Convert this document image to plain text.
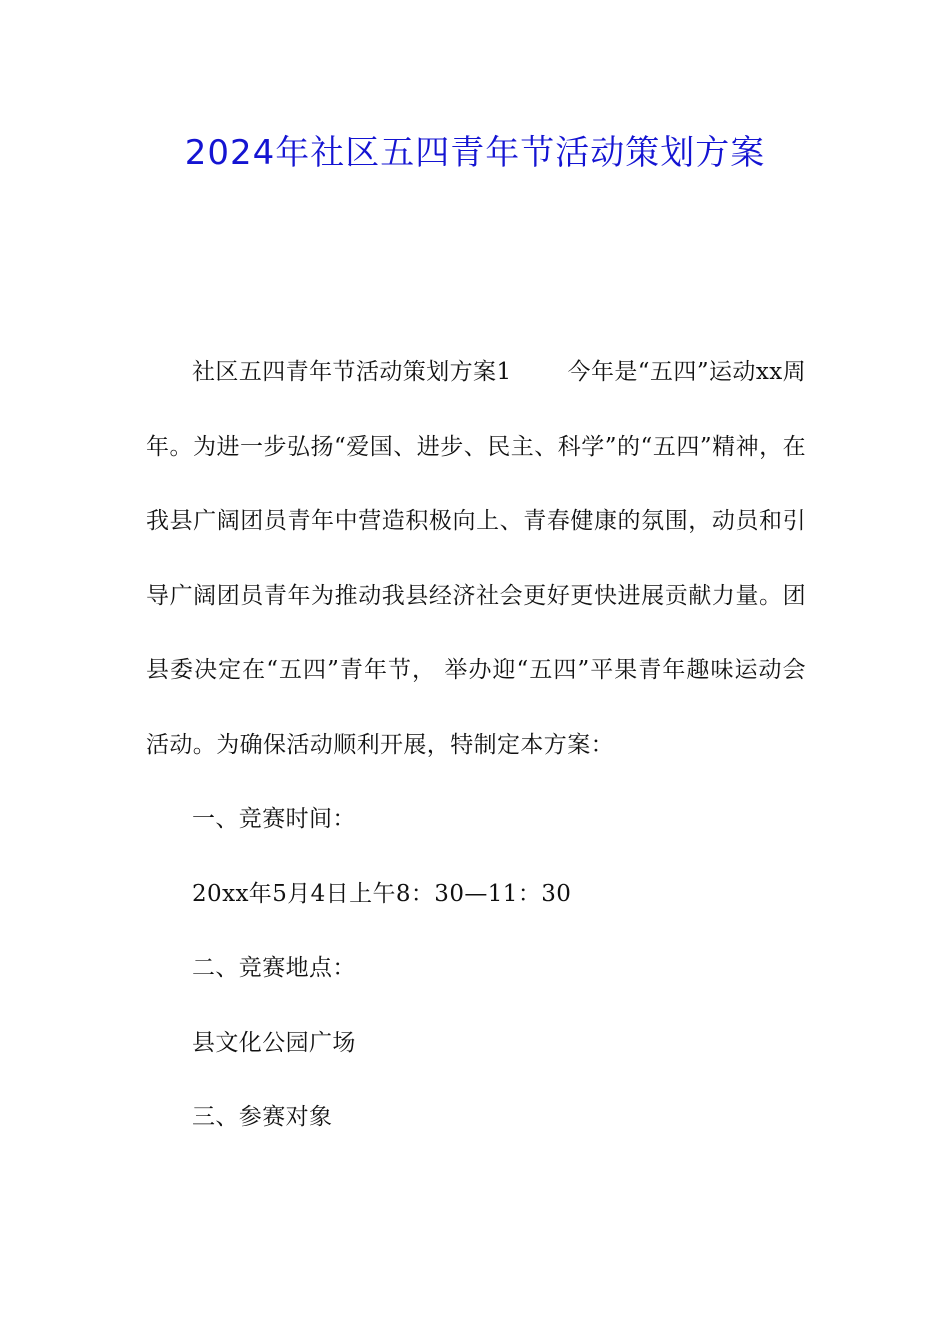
2024年社区五四青年节活动策划方案

社区五四青年节活动策划方案1 今年是“五四”运动xx周年。为进一步弘扬“爱国、进步、民主、科学”的“五四”精神，在我县广阔团员青年中营造积极向上、青春健康的氛围，动员和引导广阔团员青年为推动我县经济社会更好更快进展贡献力量。团县委决定在“五四”青年节， 举办迎“五四”平果青年趣味运动会活动。为确保活动顺利开展，特制定本方案：

一、竞赛时间：

20xx年5月4日上午8：30—11：30

二、竞赛地点：

县文化公园广场

三、参赛对象
